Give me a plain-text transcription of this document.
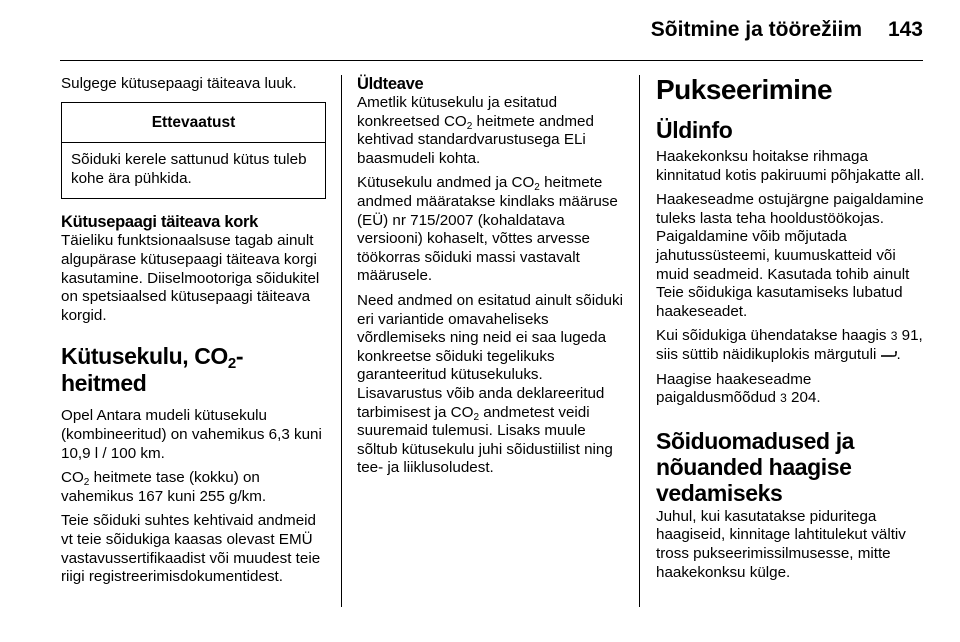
Sõitmine ja töörežiim 143

Sulgege kütusepaagi täiteava luuk.

Ettevaatust
Sõiduki kerele sattunud kütus tuleb kohe ära pühkida.
Kütusepaagi täiteava kork

Täieliku funktsionaalsuse tagab ainult algupärase kütusepaagi täiteava korgi kasutamine. Diiselmootoriga sõidukitel on spetsiaalsed kütusepaagi täiteava korgid.

Kütusekulu, $CO_2$-heitmed

Opel Antara mudeli kütusekulu (kombineeritud) on vahemikus 6,3 kuni 10,9 l / 100 km.

$CO_2$ heitmete tase (kokku) on vahemikus 167 kuni 255 g/km.

Teie sõiduki suhtes kehtivaid andmeid vt teie sõidukiga kaasas olevast EMÜ vastavussertifikaadist või muudest teie riigi registreerimisdokumentidest.

Üldteave

Ametlik kütusekulu ja esitatud konkreetsed $CO_2$ heitmete andmed kehtivad standardvarustusega ELi baasmudeli kohta.

Kütusekulu andmed ja $CO_2$ heitmete andmed määratakse kindlaks määruse (EÜ) nr 715/2007 (kohaldatava versiooni) kohaselt, võttes arvesse töökorras sõiduki massi vastavalt määrusele.

Need andmed on esitatud ainult sõiduki eri variantide omavaheliseks võrdlemiseks ning neid ei saa lugeda konkreetse sõiduki tegelikuks garanteeritud kütusekuluks.

Lisavarustus võib anda deklareeritud tarbimisest ja $CO_2$ andmetest veidi suuremaid tulemusi. Lisaks muule sõltub kütusekulu juhi sõidustiilist ning tee- ja liiklusoludest.

Pukseerimine
Üldinfo

Haakekonksu hoitakse rihmaga kinnitatud kotis pakiruumi põhjakatte all.

Haakeseadme ostujärgne paigaldamine tuleks lasta teha hooldustöökojas. Paigaldamine võib mõjutada jahutussüsteemi, kuumuskatteid või muid seadmeid. Kasutada tohib ainult Teie sõidukiga kasutamiseks lubatud haakeseadet.

Kui sõidukiga ühendatakse haagis 3 91, siis süttib näidikuplokis märgutuli .

Haagise haakeseadme paigaldusmõõdud 3 204.

Sõiduomadused ja
nõuanded haagise
vedamiseks

Juhul, kui kasutatakse piduritega haagiseid, kinnitage lahtitulekut vältiv tross pukseerimissilmusesse, mitte haakekonksu külge.
